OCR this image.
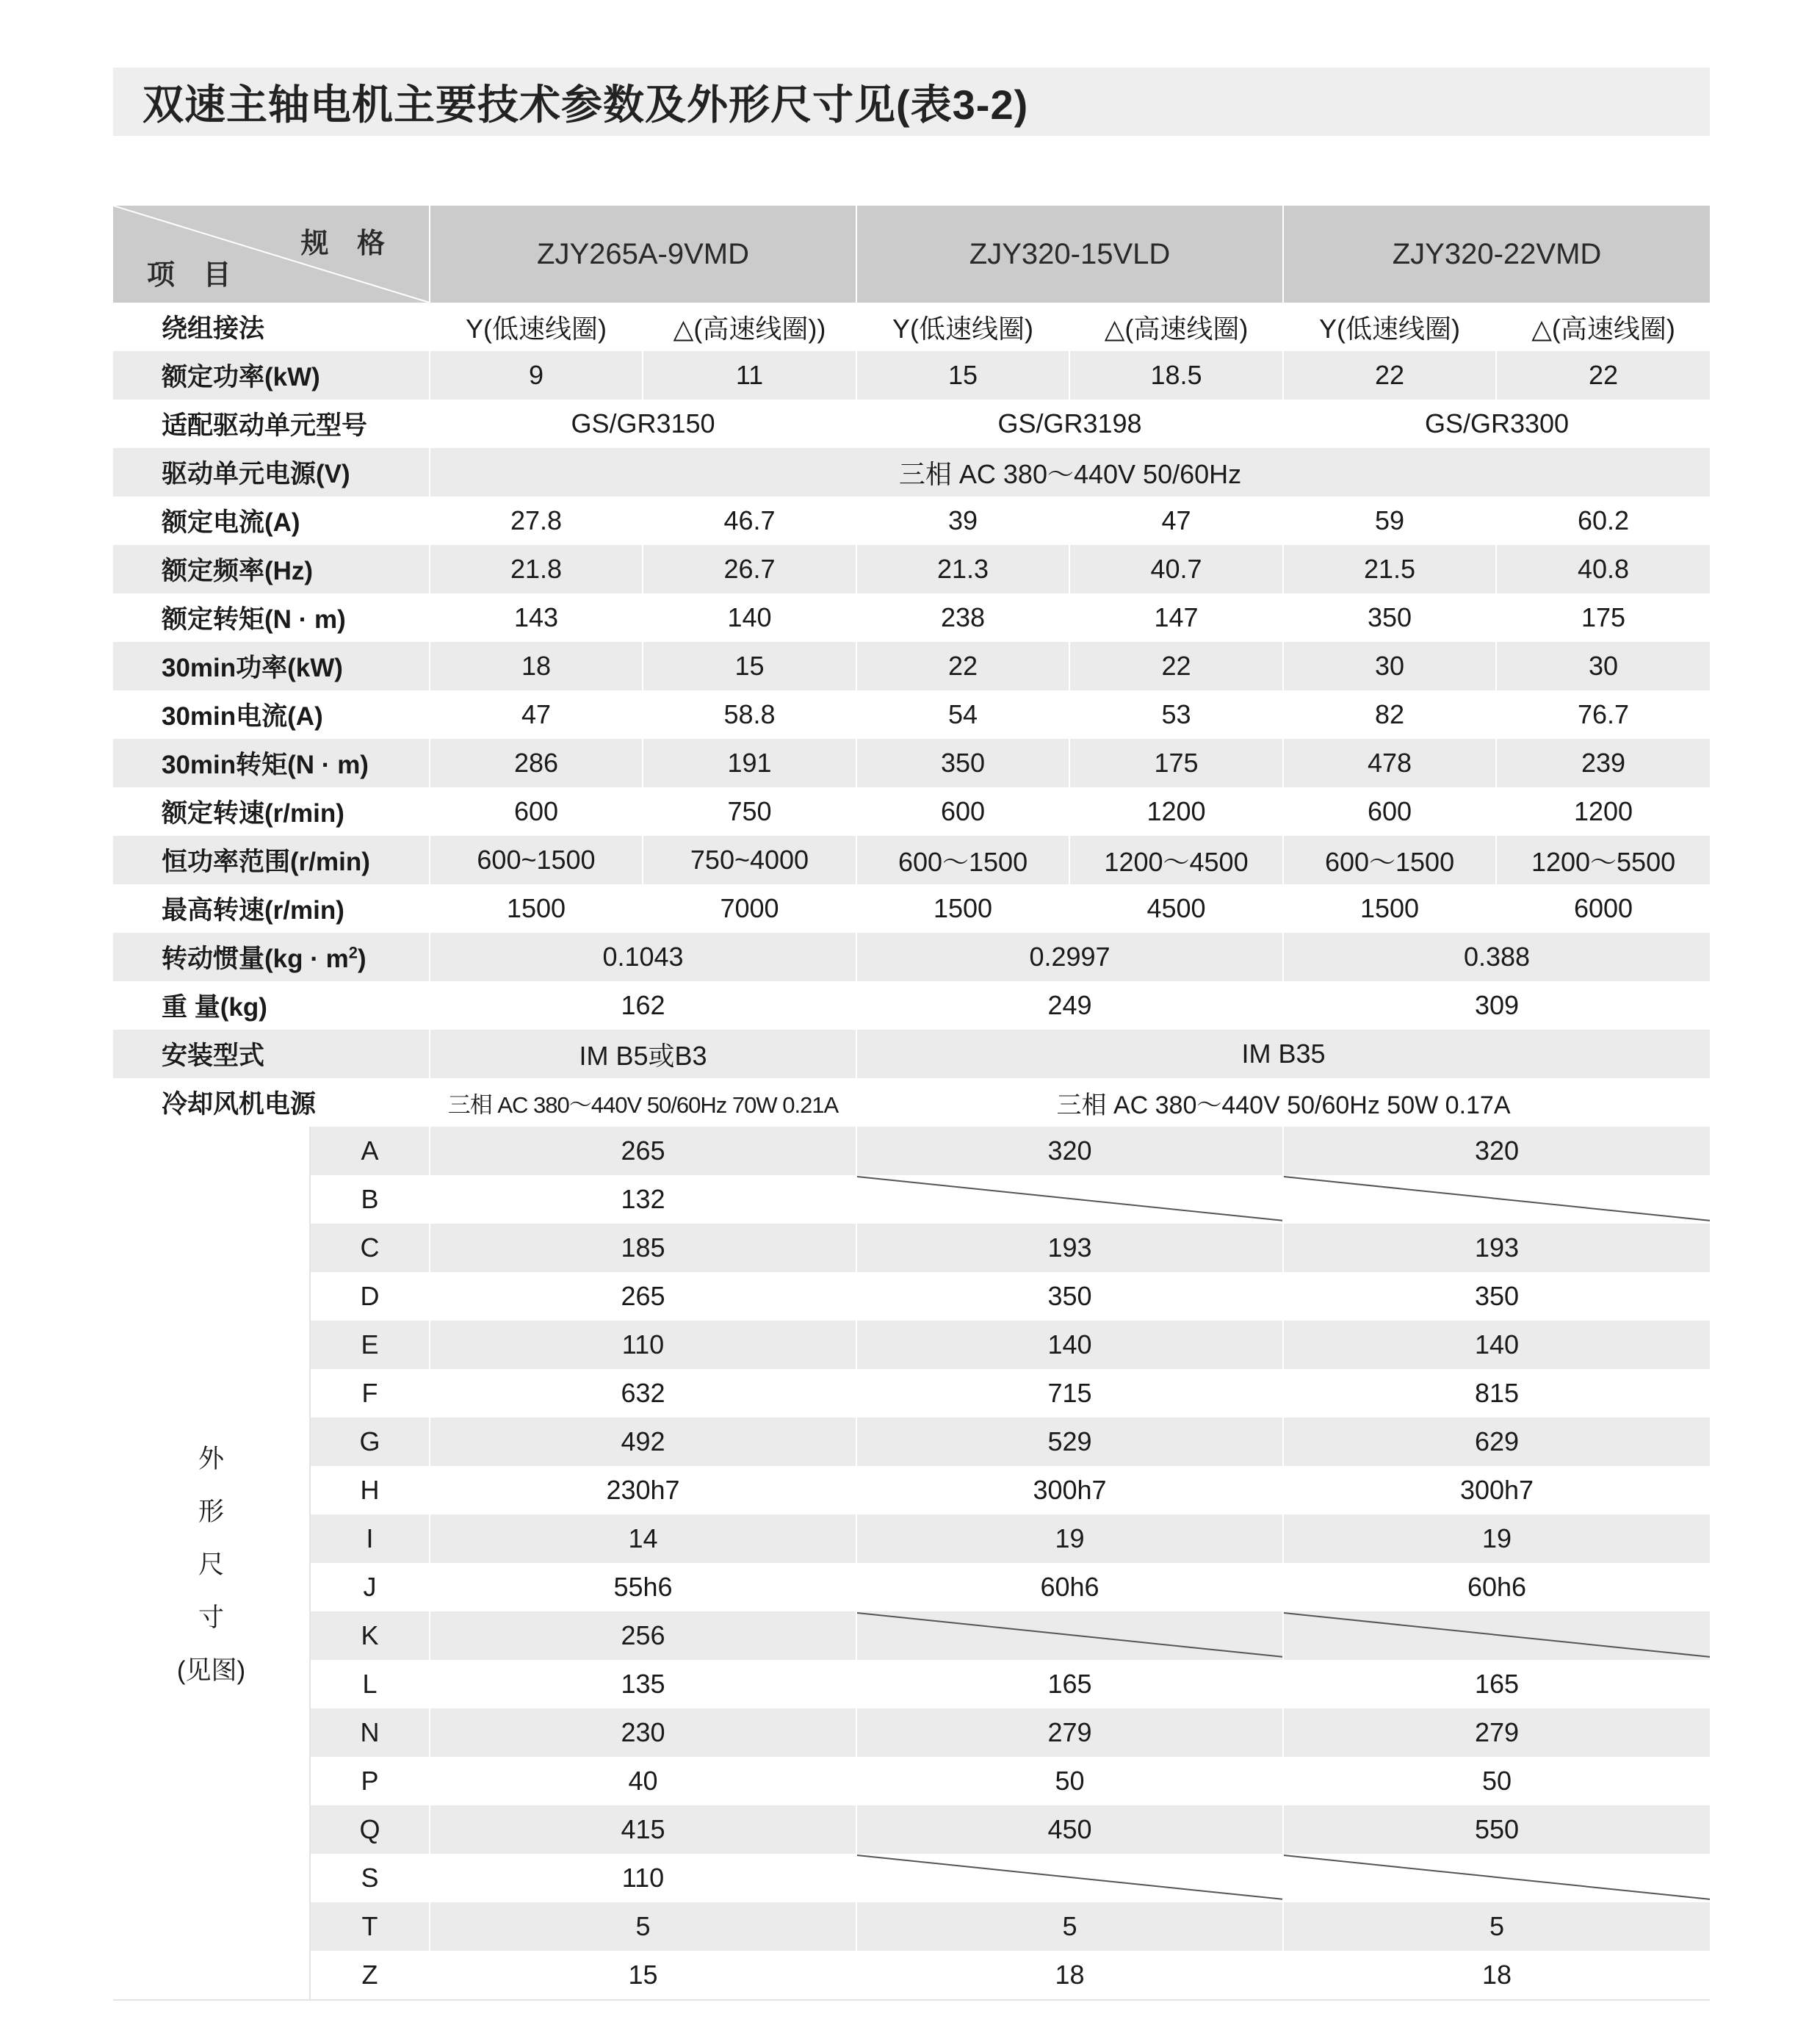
双速主轴电机主要技术参数及外形尺寸见(表3-2)
规 格
项 目		ZJY265A-9VMD		ZJY320-15VLD		ZJY320-22VMD	
绕组接法		Y(低速线圈)	△(高速线圈))	Y(低速线圈)	△(高速线圈)	Y(低速线圈)	△(高速线圈)
额定功率(kW)		9	11	15	18.5	22	22
适配驱动单元型号		GS/GR3150		GS/GR3198		GS/GR3300	
驱动单元电源(V)		三相 AC 380～440V 50/60Hz					
额定电流(A)		27.8	46.7	39	47	59	60.2
额定频率(Hz)		21.8	26.7	21.3	40.7	21.5	40.8
额定转矩(N · m)		143	140	238	147	350	175
30min功率(kW)		18	15	22	22	30	30
30min电流(A)		47	58.8	54	53	82	76.7
30min转矩(N · m)		286	191	350	175	478	239
额定转速(r/min)		600	750	600	1200	600	1200
恒功率范围(r/min)		600~1500	750~4000	600～1500	1200～4500	600～1500	1200～5500
最高转速(r/min)		1500	7000	1500	4500	1500	6000
转动惯量$(kg \cdot m^2)$		0.1043		0.2997		0.388	
重 量(kg)		162		249		309	
安装型式		IM B5或B3		IM B35			
冷却风机电源		三相 AC 380～440V 50/60Hz 70W 0.21A		三相 AC 380～440V 50/60Hz 50W 0.17A			

外
形
尺
寸
(见图)	A	265		320		320	
	B	132	

	C	185		193		193	
	D	265		350		350	
	E	110		140		140	
	F	632		715		815	
	G	492		529		629	
	H	230h7		300h7		300h7	
	I	14		19		19	
	J	55h6		60h6		60h6	
	K	256	

	L	135		165		165	
	N	230		279		279	
	P	40		50		50	
	Q	415		450		550	
	S	110	

	T	5		5		5	
	Z	15		18		18	
